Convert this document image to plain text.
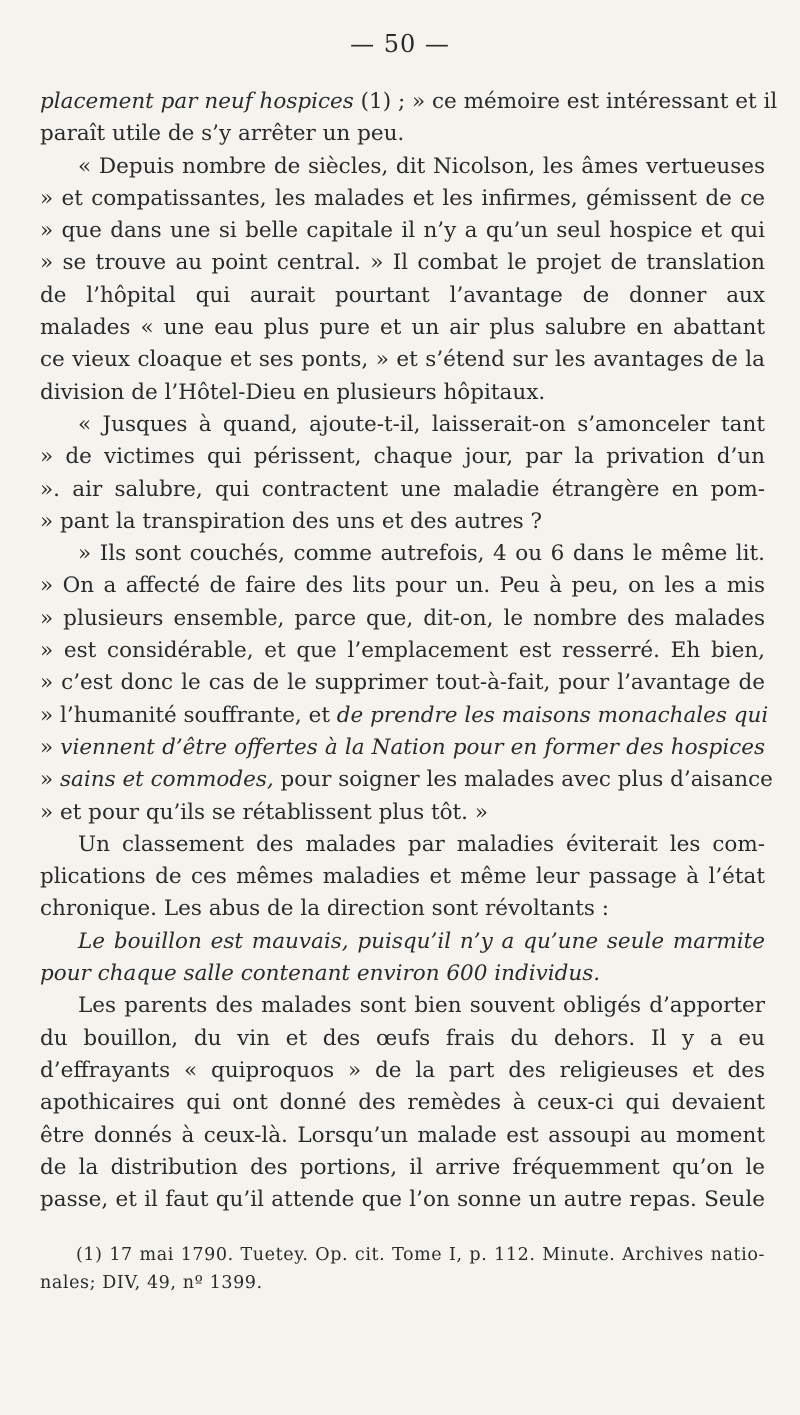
— 50 —
placement par neuf hospices (1) ; » ce mémoire est intéressant et il
paraît utile de s’y arrêter un peu.
« Depuis nombre de siècles, dit Nicolson, les âmes vertueuses
» et compatissantes, les malades et les infirmes, gémissent de ce
» que dans une si belle capitale il n’y a qu’un seul hospice et qui
» se trouve au point central. » Il combat le projet de translation
de l’hôpital qui aurait pourtant l’avantage de donner aux
malades « une eau plus pure et un air plus salubre en abattant
ce vieux cloaque et ses ponts, » et s’étend sur les avantages de la
division de l’Hôtel-Dieu en plusieurs hôpitaux.
« Jusques à quand, ajoute-t-il, laisserait-on s’amonceler tant
» de victimes qui périssent, chaque jour, par la privation d’un
». air salubre, qui contractent une maladie étrangère en pom-
» pant la transpiration des uns et des autres ?
» Ils sont couchés, comme autrefois, 4 ou 6 dans le même lit.
» On a affecté de faire des lits pour un. Peu à peu, on les a mis
» plusieurs ensemble, parce que, dit-on, le nombre des malades
» est considérable, et que l’emplacement est resserré. Eh bien,
» c’est donc le cas de le supprimer tout-à-fait, pour l’avantage de
» l’humanité souffrante, et de prendre les maisons monachales qui
» viennent d’être offertes à la Nation pour en former des hospices
» sains et commodes, pour soigner les malades avec plus d’aisance
» et pour qu’ils se rétablissent plus tôt. »
Un classement des malades par maladies éviterait les com-
plications de ces mêmes maladies et même leur passage à l’état
chronique. Les abus de la direction sont révoltants :
Le bouillon est mauvais, puisqu’il n’y a qu’une seule marmite
pour chaque salle contenant environ 600 individus.
Les parents des malades sont bien souvent obligés d’apporter
du bouillon, du vin et des œufs frais du dehors. Il y a eu
d’effrayants « quiproquos » de la part des religieuses et des
apothicaires qui ont donné des remèdes à ceux-ci qui devaient
être donnés à ceux-là. Lorsqu’un malade est assoupi au moment
de la distribution des portions, il arrive fréquemment qu’on le
passe, et il faut qu’il attende que l’on sonne un autre repas. Seule
(1) 17 mai 1790. Tuetey. Op. cit. Tome I, p. 112. Minute. Archives natio-
nales; DIV, 49, nº 1399.
